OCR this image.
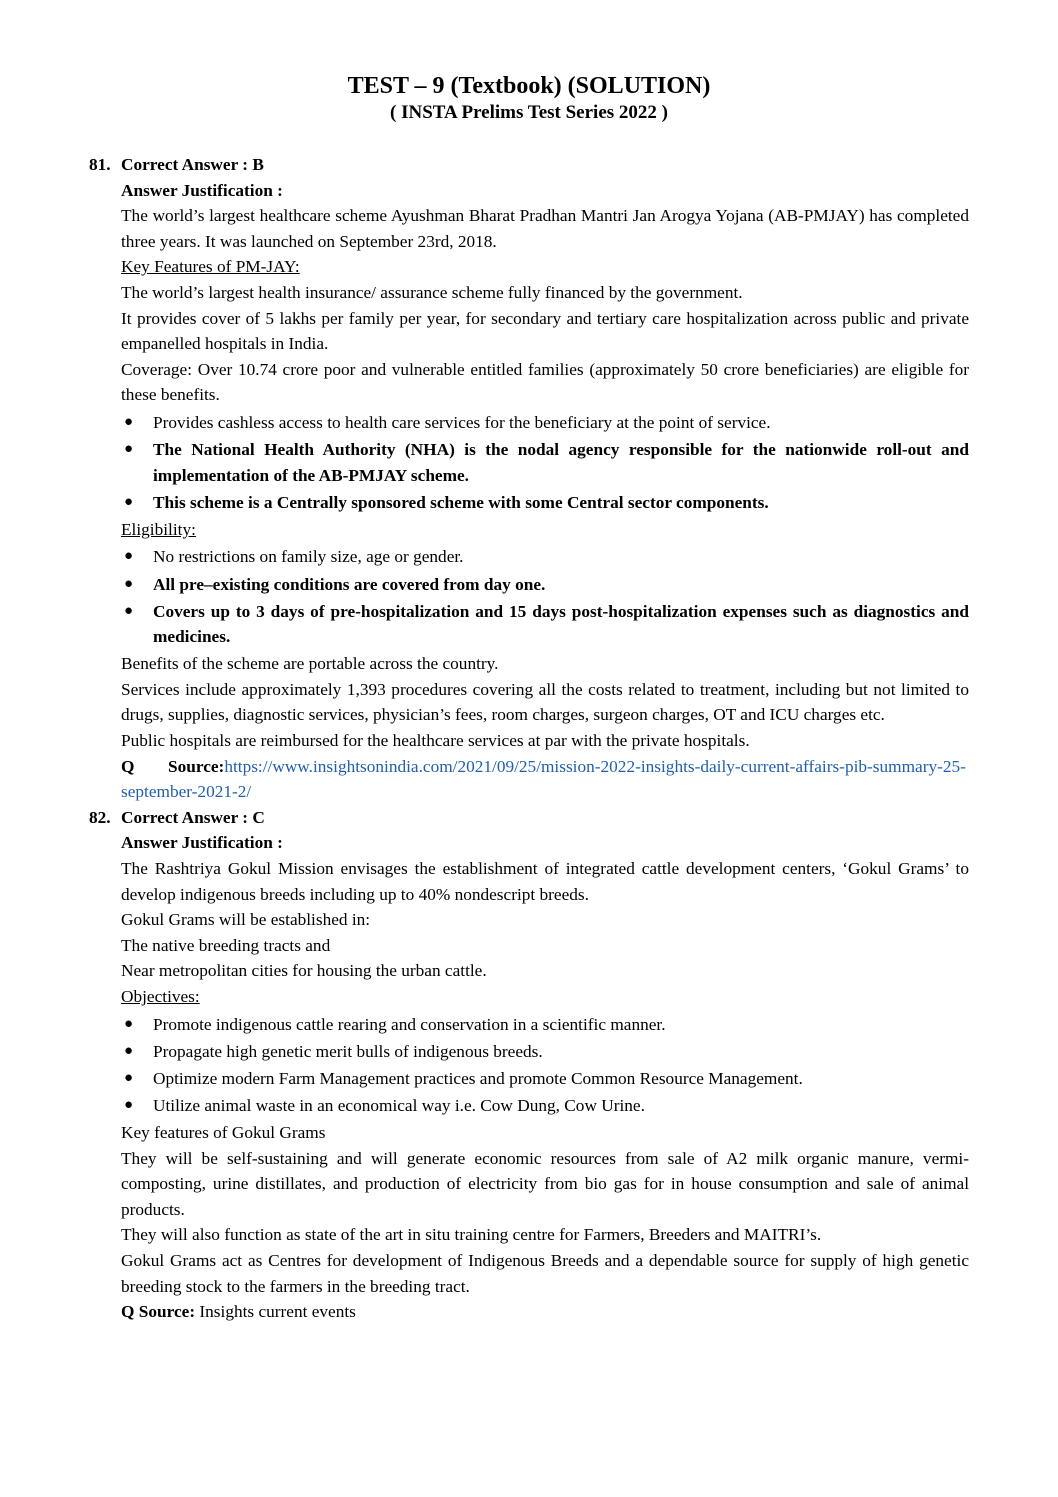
TEST – 9 (Textbook) (SOLUTION)
( INSTA Prelims Test Series 2022 )
81. Correct Answer : B

Answer Justification :

The world’s largest healthcare scheme Ayushman Bharat Pradhan Mantri Jan Arogya Yojana (AB-PMJAY) has completed three years. It was launched on September 23rd, 2018.

Key Features of PM-JAY:

The world’s largest health insurance/ assurance scheme fully financed by the government.

It provides cover of 5 lakhs per family per year, for secondary and tertiary care hospitalization across public and private empanelled hospitals in India.

Coverage: Over 10.74 crore poor and vulnerable entitled families (approximately 50 crore beneficiaries) are eligible for these benefits.

● Provides cashless access to health care services for the beneficiary at the point of service.
● The National Health Authority (NHA) is the nodal agency responsible for the nationwide roll-out and implementation of the AB-PMJAY scheme.
● This scheme is a Centrally sponsored scheme with some Central sector components.

Eligibility:

● No restrictions on family size, age or gender.
● All pre–existing conditions are covered from day one.
● Covers up to 3 days of pre-hospitalization and 15 days post-hospitalization expenses such as diagnostics and medicines.

Benefits of the scheme are portable across the country.

Services include approximately 1,393 procedures covering all the costs related to treatment, including but not limited to drugs, supplies, diagnostic services, physician’s fees, room charges, surgeon charges, OT and ICU charges etc.

Public hospitals are reimbursed for the healthcare services at par with the private hospitals.

Q Source:https://www.insightsonindia.com/2021/09/25/mission-2022-insights-daily-current-affairs-pib-summary-25-september-2021-2/

82. Correct Answer : C

Answer Justification :

The Rashtriya Gokul Mission envisages the establishment of integrated cattle development centers, ‘Gokul Grams’ to develop indigenous breeds including up to 40% nondescript breeds.

Gokul Grams will be established in:

The native breeding tracts and

Near metropolitan cities for housing the urban cattle.

Objectives:

● Promote indigenous cattle rearing and conservation in a scientific manner.
● Propagate high genetic merit bulls of indigenous breeds.
● Optimize modern Farm Management practices and promote Common Resource Management.
● Utilize animal waste in an economical way i.e. Cow Dung, Cow Urine.

Key features of Gokul Grams

They will be self-sustaining and will generate economic resources from sale of A2 milk organic manure, vermi-composting, urine distillates, and production of electricity from bio gas for in house consumption and sale of animal products.

They will also function as state of the art in situ training centre for Farmers, Breeders and MAITRI’s.

Gokul Grams act as Centres for development of Indigenous Breeds and a dependable source for supply of high genetic breeding stock to the farmers in the breeding tract.

Q Source: Insights current events
